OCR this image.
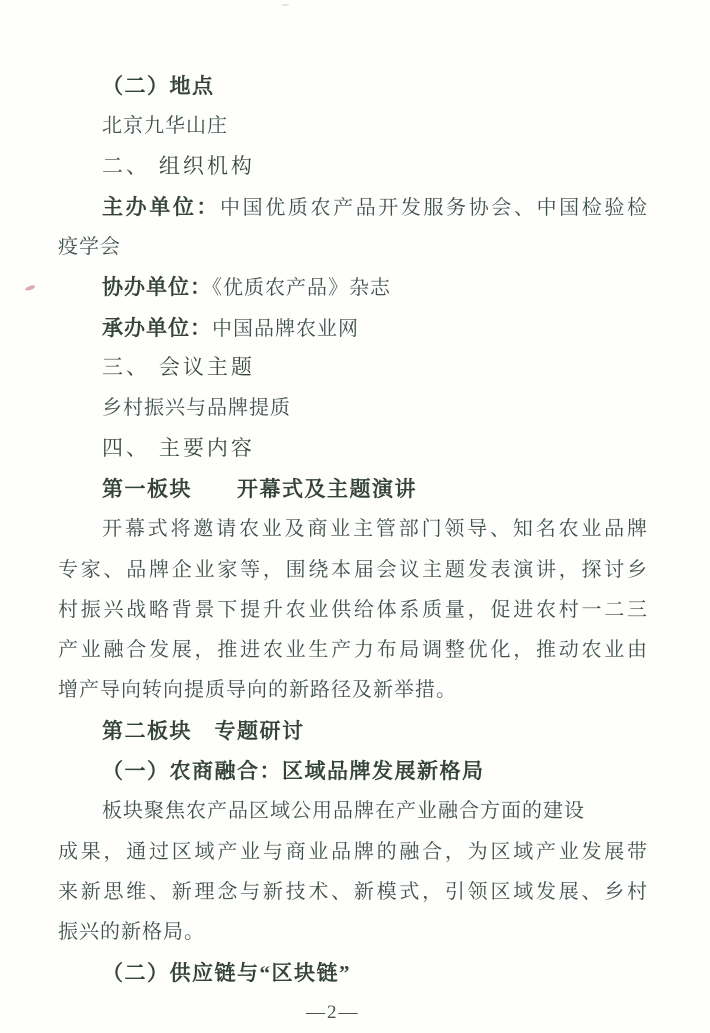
（二）地点
北京九华山庄
二、 组织机构
主办单位：中国优质农产品开发服务协会、中国检验检
疫学会
协办单位：《优质农产品》杂志
承办单位：中国品牌农业网
三、 会议主题
乡村振兴与品牌提质
四、 主要内容
第一板块　　开幕式及主题演讲
开幕式将邀请农业及商业主管部门领导、知名农业品牌
专家、品牌企业家等，围绕本届会议主题发表演讲，探讨乡
村振兴战略背景下提升农业供给体系质量，促进农村一二三
产业融合发展，推进农业生产力布局调整优化，推动农业由
增产导向转向提质导向的新路径及新举措。
第二板块　专题研讨
（一）农商融合：区域品牌发展新格局
板块聚焦农产品区域公用品牌在产业融合方面的建设
成果，通过区域产业与商业品牌的融合，为区域产业发展带
来新思维、新理念与新技术、新模式，引领区域发展、乡村
振兴的新格局。
（二）供应链与“区块链”
—2—
